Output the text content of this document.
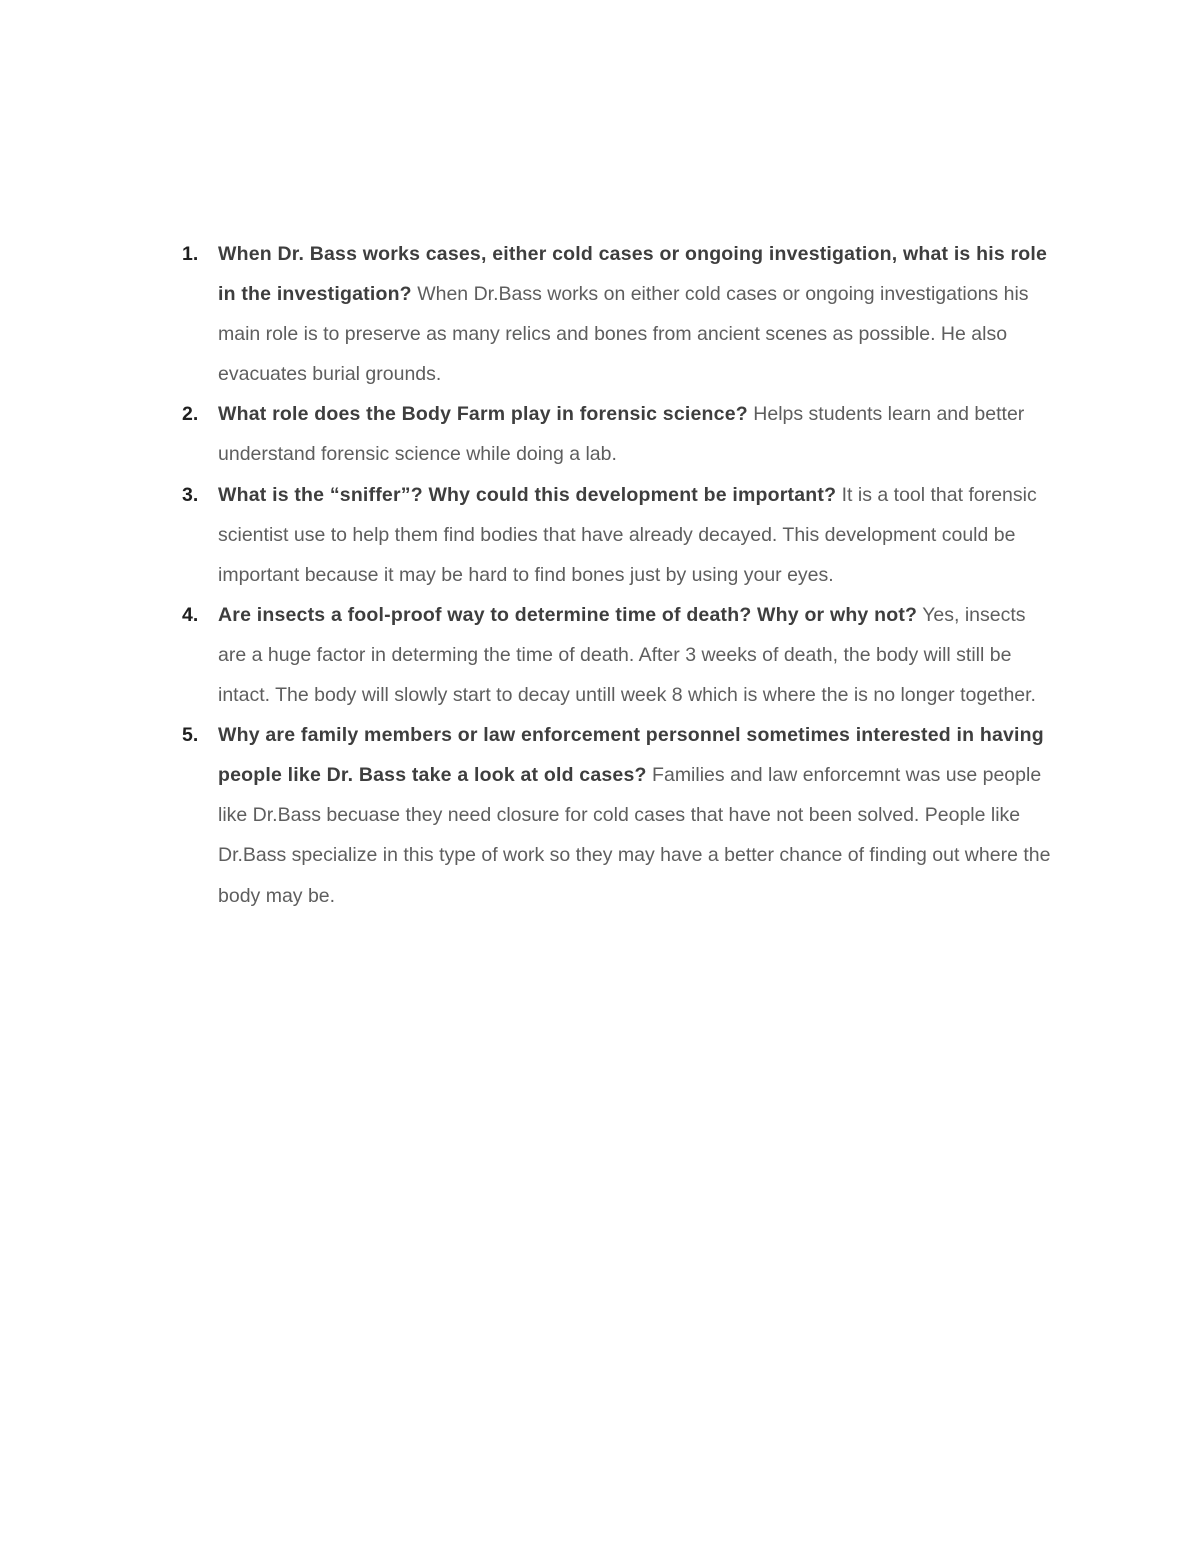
1. When Dr. Bass works cases, either cold cases or ongoing investigation, what is his role in the investigation? When Dr.Bass works on either cold cases or ongoing investigations his main role is to preserve as many relics and bones from ancient scenes as possible. He also evacuates burial grounds.
2. What role does the Body Farm play in forensic science? Helps students learn and better understand forensic science while doing a lab.
3. What is the “sniffer”? Why could this development be important? It is a tool that forensic scientist use to help them find bodies that have already decayed. This development could be important because it may be hard to find bones just by using your eyes.
4. Are insects a fool-proof way to determine time of death? Why or why not? Yes, insects are a huge factor in determing the time of death. After 3 weeks of death, the body will still be intact. The body will slowly start to decay untill week 8 which is where the is no longer together.
5. Why are family members or law enforcement personnel sometimes interested in having people like Dr. Bass take a look at old cases? Families and law enforcemnt was use people like Dr.Bass becuase they need closure for cold cases that have not been solved. People like Dr.Bass specialize in this type of work so they may have a better chance of finding out where the body may be.
